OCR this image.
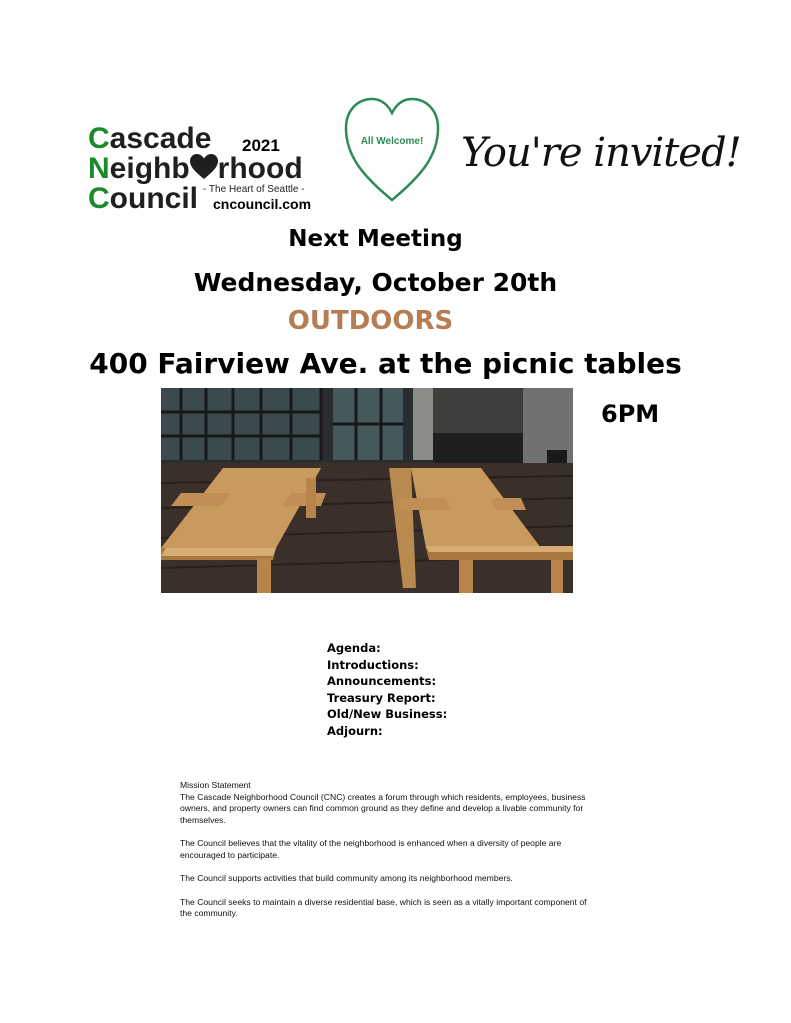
Cascade 2021
Neighb rhood
Council - The Heart of Seattle -
cncouncil.com
All Welcome! You're invited!
Next Meeting
Wednesday, October 20th
OUTDOORS
400 Fairview Ave. at the picnic tables
6PM
Agenda:
Introductions:
Announcements:
Treasury Report:
Old/New Business:
Adjourn:

Mission Statement

The Cascade Neighborhood Council (CNC) creates a forum through which residents, employees, business owners, and property owners can find common ground as they define and develop a livable community for themselves.

The Council believes that the vitality of the neighborhood is enhanced when a diversity of people are encouraged to participate.

The Council supports activities that build community among its neighborhood members.

The Council seeks to maintain a diverse residential base, which is seen as a vitally important component of the community.
